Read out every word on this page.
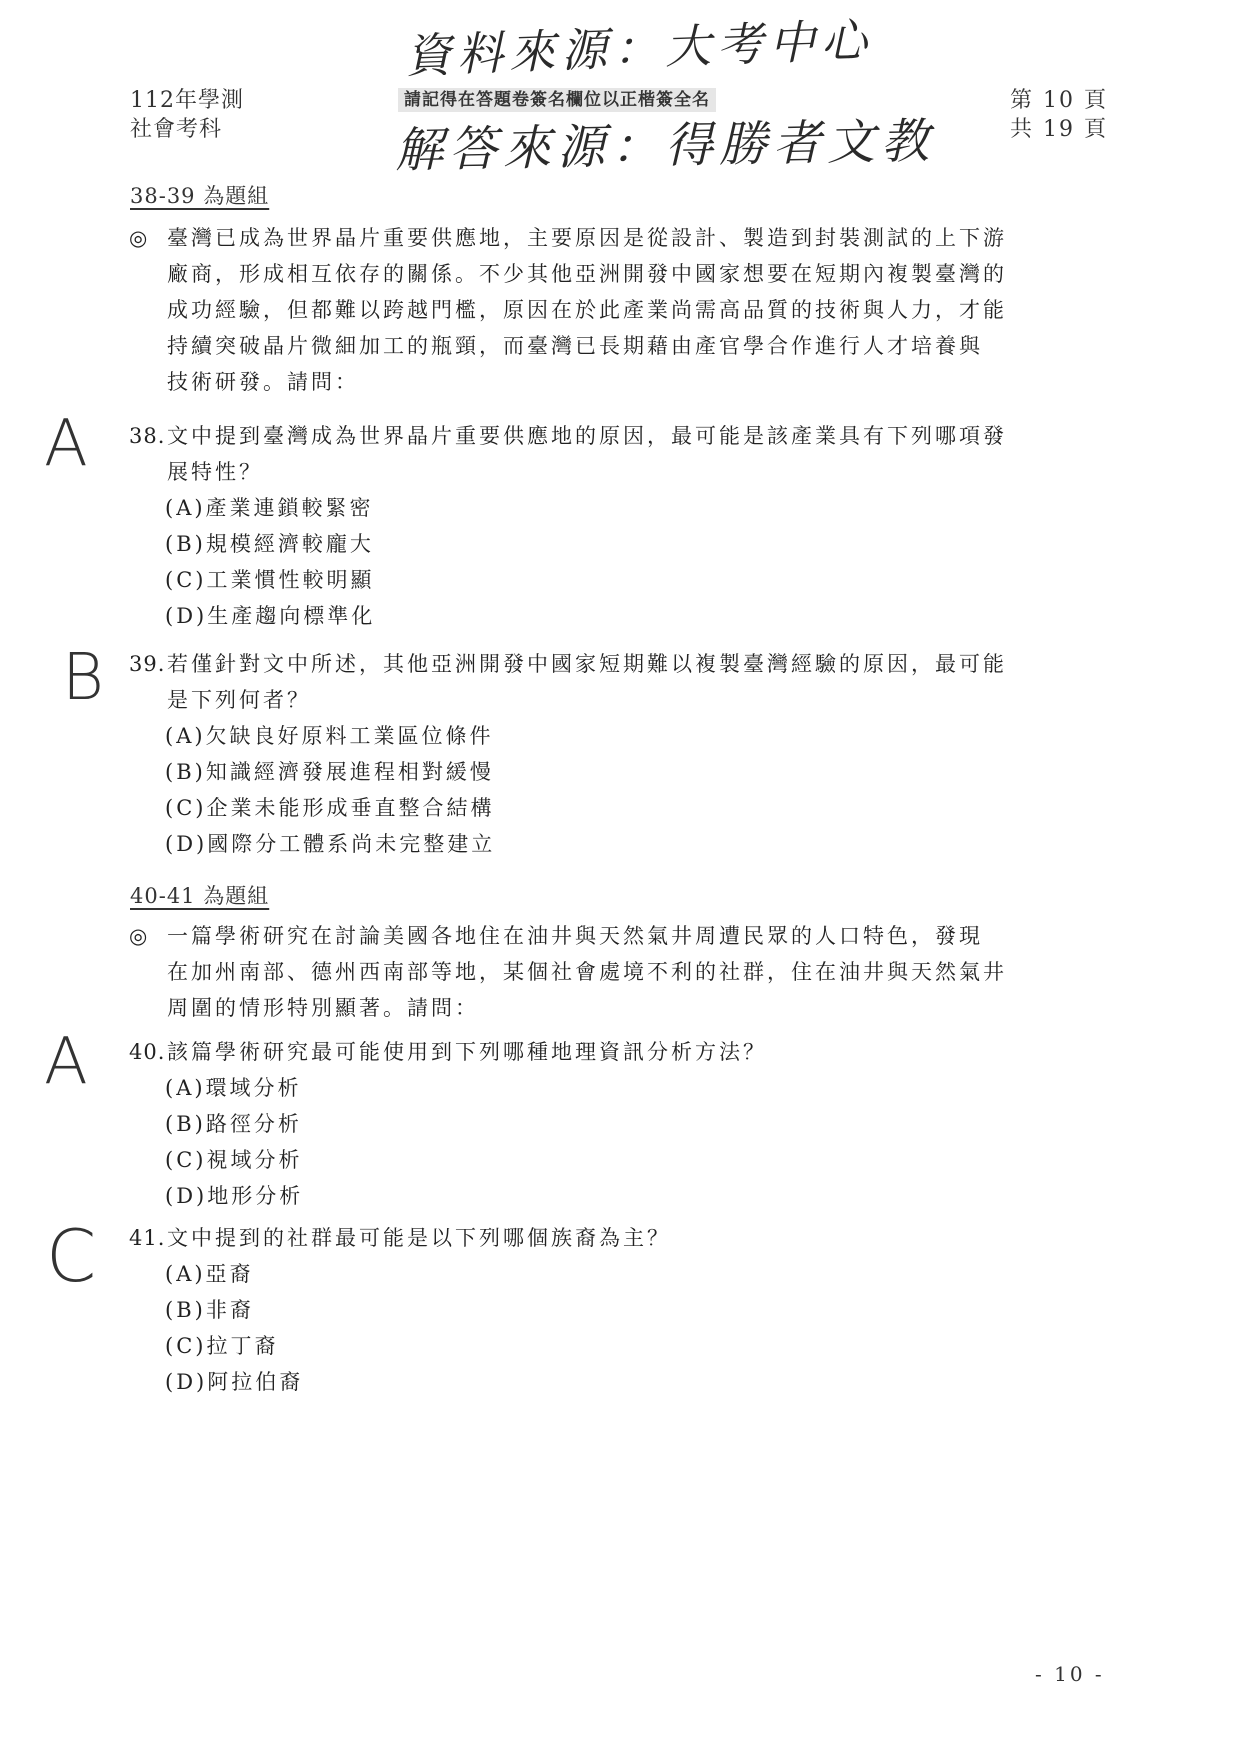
112年學測
社會考科
請記得在答題卷簽名欄位以正楷簽全名	第 10 頁
共 19 頁
資料來源：大考中心
解答來源：得勝者文教
38-39 為題組
◎ 臺灣已成為世界晶片重要供應地，主要原因是從設計、製造到封裝測試的上下游
廠商，形成相互依存的關係。不少其他亞洲開發中國家想要在短期內複製臺灣的
成功經驗，但都難以跨越門檻，原因在於此產業尚需高品質的技術與人力，才能
持續突破晶片微細加工的瓶頸，而臺灣已長期藉由產官學合作進行人才培養與
技術研發。請問：
A 38. 文中提到臺灣成為世界晶片重要供應地的原因，最可能是該產業具有下列哪項發
展特性？
(A)產業連鎖較緊密
(B)規模經濟較龐大
(C)工業慣性較明顯
(D)生產趨向標準化
B 39. 若僅針對文中所述，其他亞洲開發中國家短期難以複製臺灣經驗的原因，最可能
是下列何者？
(A)欠缺良好原料工業區位條件
(B)知識經濟發展進程相對緩慢
(C)企業未能形成垂直整合結構
(D)國際分工體系尚未完整建立
40-41 為題組
◎ 一篇學術研究在討論美國各地住在油井與天然氣井周遭民眾的人口特色，發現
在加州南部、德州西南部等地，某個社會處境不利的社群，住在油井與天然氣井
周圍的情形特別顯著。請問：
A 40. 該篇學術研究最可能使用到下列哪種地理資訊分析方法？
(A)環域分析
(B)路徑分析
(C)視域分析
(D)地形分析
C 41. 文中提到的社群最可能是以下列哪個族裔為主？
(A)亞裔
(B)非裔
(C)拉丁裔
(D)阿拉伯裔
- 10 -
